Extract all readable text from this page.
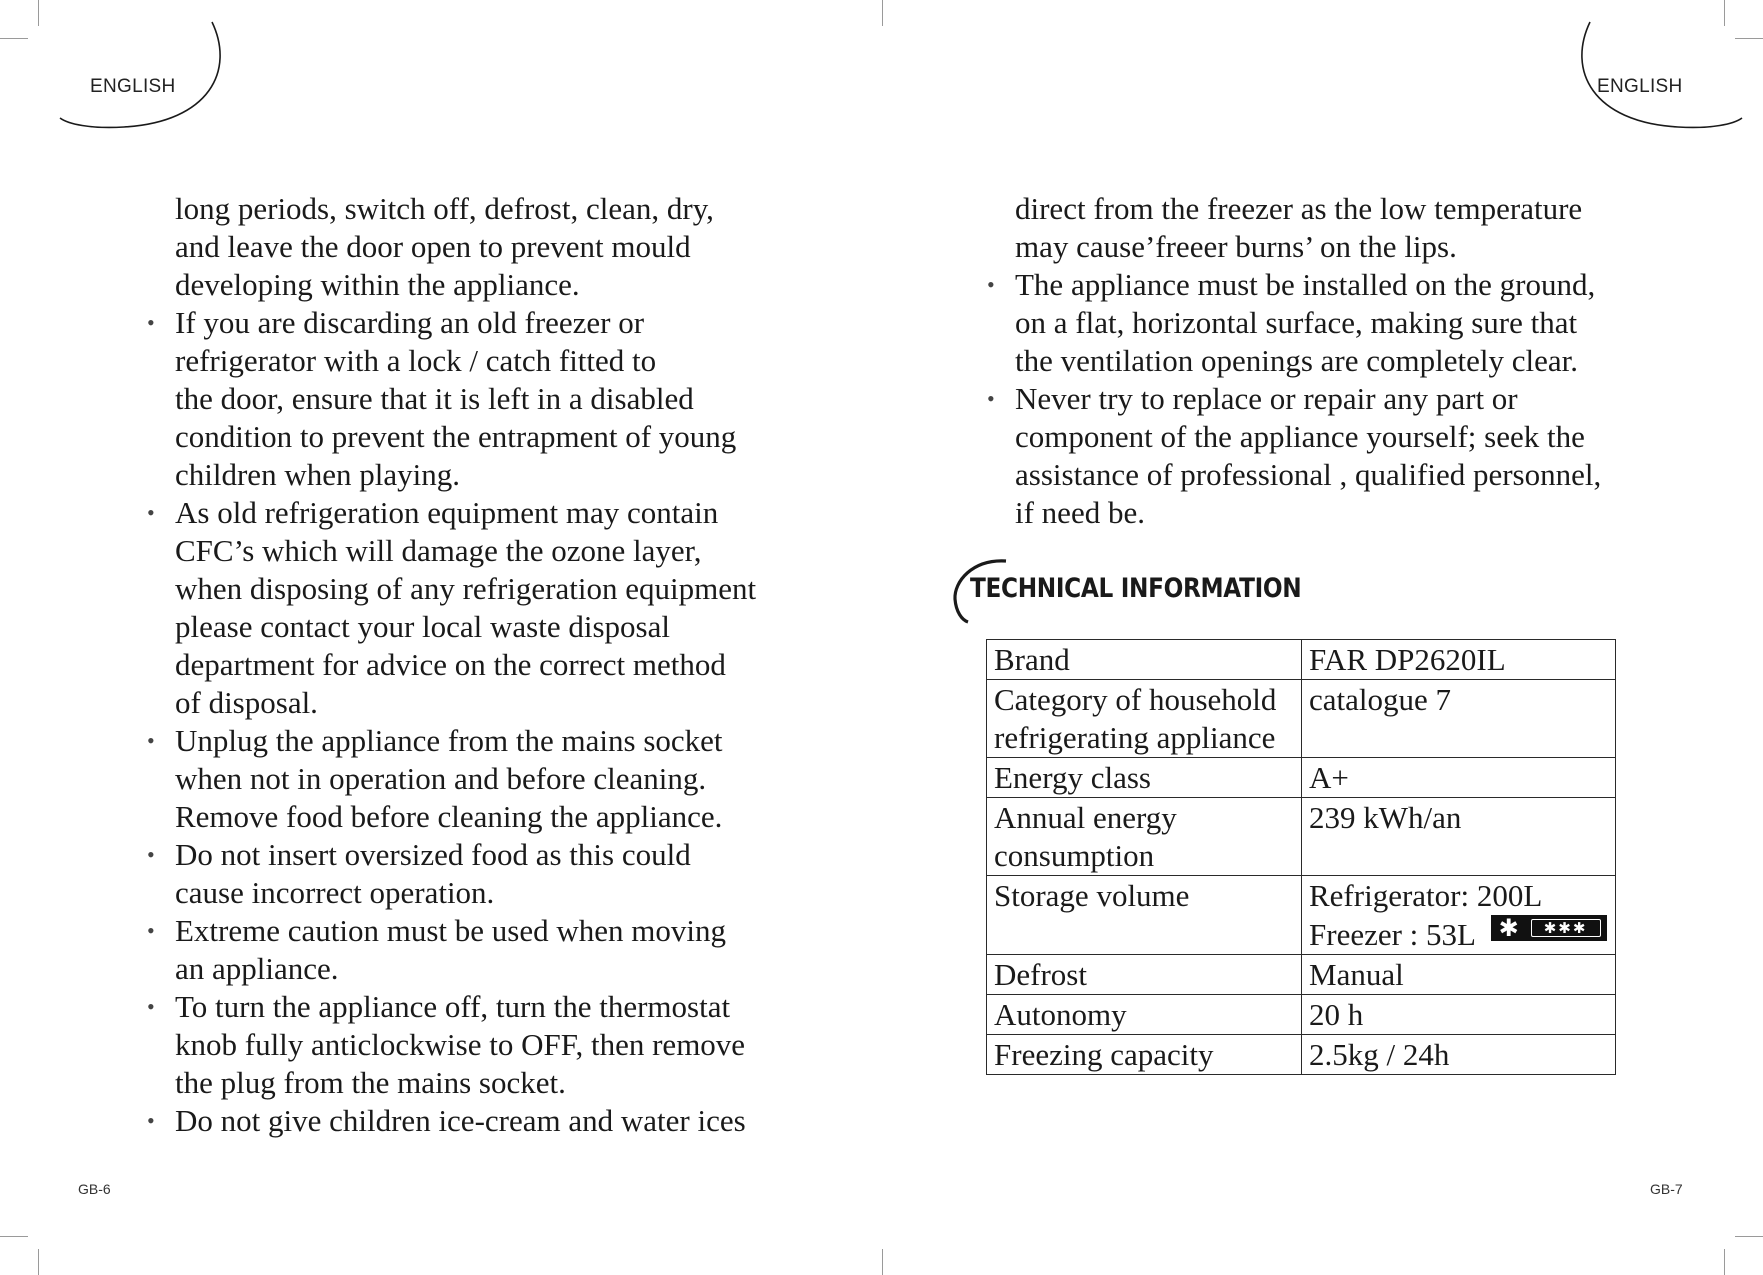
ENGLISH

long periods, switch off, defrost, clean, dry,
and leave the door open to prevent mould
developing within the appliance.

• If you are discarding an old freezer or
refrigerator with a lock / catch fitted to
the door, ensure that it is left in a disabled
condition to prevent the entrapment of young
children when playing.
• As old refrigeration equipment may contain
CFC’s which will damage the ozone layer,
when disposing of any refrigeration equipment
please contact your local waste disposal
department for advice on the correct method
of disposal.
• Unplug the appliance from the mains socket
when not in operation and before cleaning.
Remove food before cleaning the appliance.
• Do not insert oversized food as this could
cause incorrect operation.
• Extreme caution must be used when moving
an appliance.
• To turn the appliance off, turn the thermostat
knob fully anticlockwise to OFF, then remove
the plug from the mains socket.
• Do not give children ice-cream and water ices
GB-6
ENGLISH

direct from the freezer as the low temperature
may cause’freeer burns’ on the lips.

• The appliance must be installed on the ground,
on a flat, horizontal surface, making sure that
the ventilation openings are completely clear.
• Never try to replace or repair any part or
component of the appliance yourself; seek the
assistance of professional , qualified personnel,
if need be.
TECHNICAL INFORMATION
Brand	FAR DP2620IL
Category of household
refrigerating appliance	catalogue 7
Energy class	A+
Annual energy
consumption	239 kWh/an
Storage volume	Refrigerator: 200L
Freezer : 53L ✱ ✱✱✱

Defrost	Manual
Autonomy	20 h
Freezing capacity	2.5kg / 24h
GB-7
